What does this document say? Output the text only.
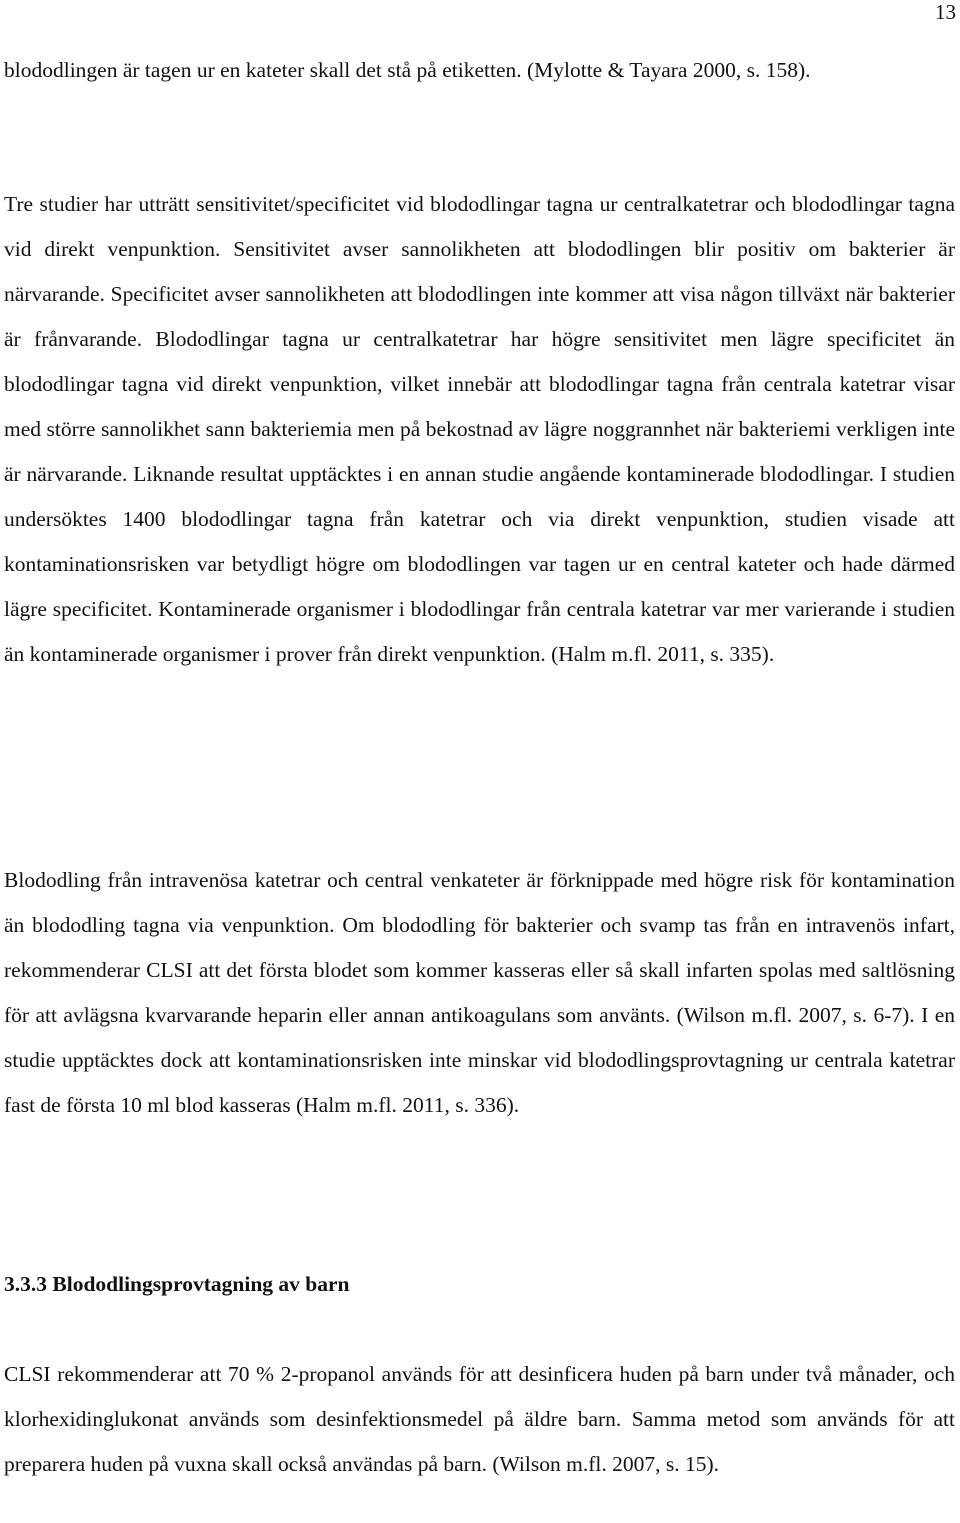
13

blododlingen är tagen ur en kateter skall det stå på etiketten. (Mylotte & Tayara 2000, s. 158).

Tre studier har utträtt sensitivitet/specificitet vid blododlingar tagna ur centralkatetrar och blododlingar tagna vid direkt venpunktion. Sensitivitet avser sannolikheten att blododlingen blir positiv om bakterier är närvarande. Specificitet avser sannolikheten att blododlingen inte kommer att visa någon tillväxt när bakterier är frånvarande. Blododlingar tagna ur centralkatetrar har högre sensitivitet men lägre specificitet än blododlingar tagna vid direkt venpunktion, vilket innebär att blododlingar tagna från centrala katetrar visar med större sannolikhet sann bakteriemia men på bekostnad av lägre noggrannhet när bakteriemi verkligen inte är närvarande. Liknande resultat upptäcktes i en annan studie angående kontaminerade blododlingar. I studien undersöktes 1400 blododlingar tagna från katetrar och via direkt venpunktion, studien visade att kontaminationsrisken var betydligt högre om blododlingen var tagen ur en central kateter och hade därmed lägre specificitet. Kontaminerade organismer i blododlingar från centrala katetrar var mer varierande i studien än kontaminerade organismer i prover från direkt venpunktion. (Halm m.fl. 2011, s. 335).

Blododling från intravenösa katetrar och central venkateter är förknippade med högre risk för kontamination än blododling tagna via venpunktion. Om blododling för bakterier och svamp tas från en intravenös infart, rekommenderar CLSI att det första blodet som kommer kasseras eller så skall infarten spolas med saltlösning för att avlägsna kvarvarande heparin eller annan antikoagulans som använts. (Wilson m.fl. 2007, s. 6-7). I en studie upptäcktes dock att kontaminationsrisken inte minskar vid blododlingsprovtagning ur centrala katetrar fast de första 10 ml blod kasseras (Halm m.fl. 2011, s. 336).

3.3.3 Blododlingsprovtagning av barn

CLSI rekommenderar att 70 % 2-propanol används för att desinficera huden på barn under två månader, och klorhexidinglukonat används som desinfektionsmedel på äldre barn. Samma metod som används för att preparera huden på vuxna skall också användas på barn. (Wilson m.fl. 2007, s. 15).
